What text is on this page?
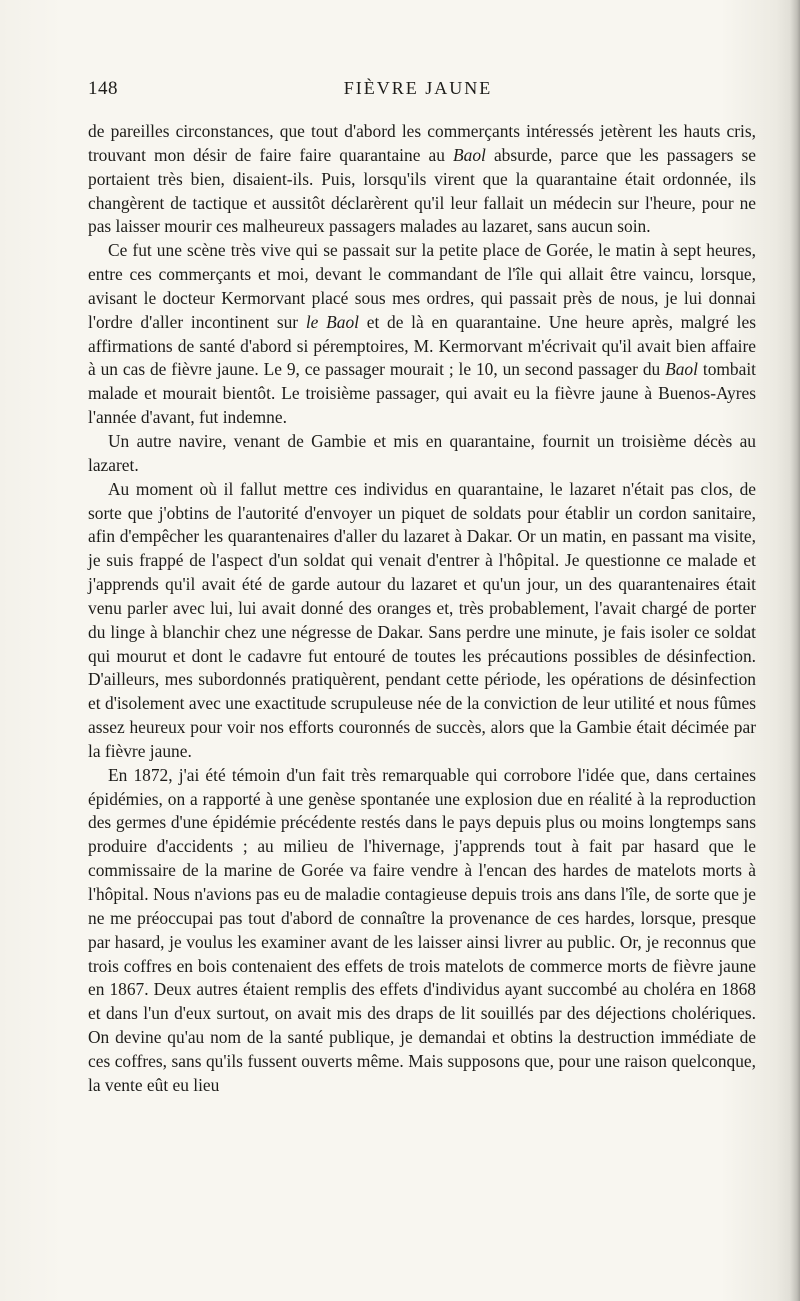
148	FIÈVRE JAUNE

de pareilles circonstances, que tout d'abord les commerçants intéressés jetèrent les hauts cris, trouvant mon désir de faire faire quarantaine au Baol absurde, parce que les passagers se portaient très bien, disaient-ils. Puis, lorsqu'ils virent que la quarantaine était ordonnée, ils changèrent de tactique et aussitôt déclarèrent qu'il leur fallait un médecin sur l'heure, pour ne pas laisser mourir ces malheureux passagers malades au lazaret, sans aucun soin.

Ce fut une scène très vive qui se passait sur la petite place de Gorée, le matin à sept heures, entre ces commerçants et moi, devant le commandant de l'île qui allait être vaincu, lorsque, avisant le docteur Kermorvant placé sous mes ordres, qui passait près de nous, je lui donnai l'ordre d'aller incontinent sur le Baol et de là en quarantaine. Une heure après, malgré les affirmations de santé d'abord si péremptoires, M. Kermorvant m'écrivait qu'il avait bien affaire à un cas de fièvre jaune. Le 9, ce passager mourait ; le 10, un second passager du Baol tombait malade et mourait bientôt. Le troisième passager, qui avait eu la fièvre jaune à Buenos-Ayres l'année d'avant, fut indemne.

Un autre navire, venant de Gambie et mis en quarantaine, fournit un troisième décès au lazaret.

Au moment où il fallut mettre ces individus en quarantaine, le lazaret n'était pas clos, de sorte que j'obtins de l'autorité d'envoyer un piquet de soldats pour établir un cordon sanitaire, afin d'empêcher les quarantenaires d'aller du lazaret à Dakar. Or un matin, en passant ma visite, je suis frappé de l'aspect d'un soldat qui venait d'entrer à l'hôpital. Je questionne ce malade et j'apprends qu'il avait été de garde autour du lazaret et qu'un jour, un des quarantenaires était venu parler avec lui, lui avait donné des oranges et, très probablement, l'avait chargé de porter du linge à blanchir chez une négresse de Dakar. Sans perdre une minute, je fais isoler ce soldat qui mourut et dont le cadavre fut entouré de toutes les précautions possibles de désinfection. D'ailleurs, mes subordonnés pratiquèrent, pendant cette période, les opérations de désinfection et d'isolement avec une exactitude scrupuleuse née de la conviction de leur utilité et nous fûmes assez heureux pour voir nos efforts couronnés de succès, alors que la Gambie était décimée par la fièvre jaune.

En 1872, j'ai été témoin d'un fait très remarquable qui corrobore l'idée que, dans certaines épidémies, on a rapporté à une genèse spontanée une explosion due en réalité à la reproduction des germes d'une épidémie précédente restés dans le pays depuis plus ou moins longtemps sans produire d'accidents ; au milieu de l'hivernage, j'apprends tout à fait par hasard que le commissaire de la marine de Gorée va faire vendre à l'encan des hardes de matelots morts à l'hôpital. Nous n'avions pas eu de maladie contagieuse depuis trois ans dans l'île, de sorte que je ne me préoccupai pas tout d'abord de connaître la provenance de ces hardes, lorsque, presque par hasard, je voulus les examiner avant de les laisser ainsi livrer au public. Or, je reconnus que trois coffres en bois contenaient des effets de trois matelots de commerce morts de fièvre jaune en 1867. Deux autres étaient remplis des effets d'individus ayant succombé au choléra en 1868 et dans l'un d'eux surtout, on avait mis des draps de lit souillés par des déjections cholériques. On devine qu'au nom de la santé publique, je demandai et obtins la destruction immédiate de ces coffres, sans qu'ils fussent ouverts même. Mais supposons que, pour une raison quelconque, la vente eût eu lieu
